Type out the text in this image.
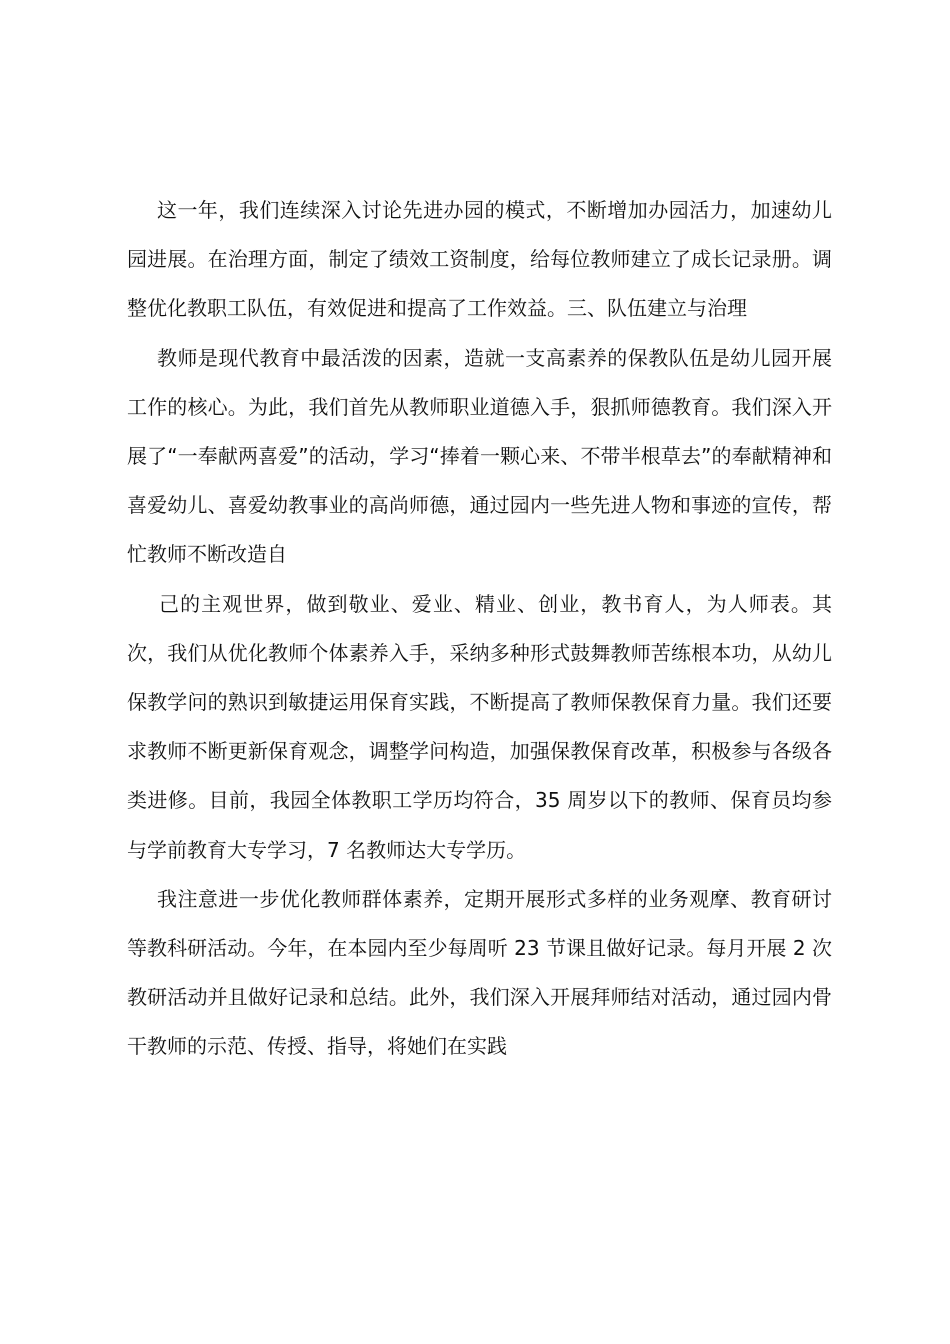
这一年，我们连续深入讨论先进办园的模式，不断增加办园活力，加速幼儿园进展。在治理方面，制定了绩效工资制度，给每位教师建立了成长记录册。调整优化教职工队伍，有效促进和提高了工作效益。三、队伍建立与治理

教师是现代教育中最活泼的因素，造就一支高素养的保教队伍是幼儿园开展工作的核心。为此，我们首先从教师职业道德入手，狠抓师德教育。我们深入开展了“一奉献两喜爱”的活动，学习“捧着一颗心来、不带半根草去”的奉献精神和喜爱幼儿、喜爱幼教事业的高尚师德，通过园内一些先进人物和事迹的宣传，帮忙教师不断改造自

己的主观世界，做到敬业、爱业、精业、创业，教书育人，为人师表。其次，我们从优化教师个体素养入手，采纳多种形式鼓舞教师苦练根本功，从幼儿保教学问的熟识到敏捷运用保育实践，不断提高了教师保教保育力量。我们还要求教师不断更新保育观念，调整学问构造，加强保教保育改革，积极参与各级各类进修。目前，我园全体教职工学历均符合，35 周岁以下的教师、保育员均参与学前教育大专学习，7 名教师达大专学历。

我注意进一步优化教师群体素养，定期开展形式多样的业务观摩、教育研讨等教科研活动。今年，在本园内至少每周听 23 节课且做好记录。每月开展 2 次教研活动并且做好记录和总结。此外，我们深入开展拜师结对活动，通过园内骨干教师的示范、传授、指导，将她们在实践
